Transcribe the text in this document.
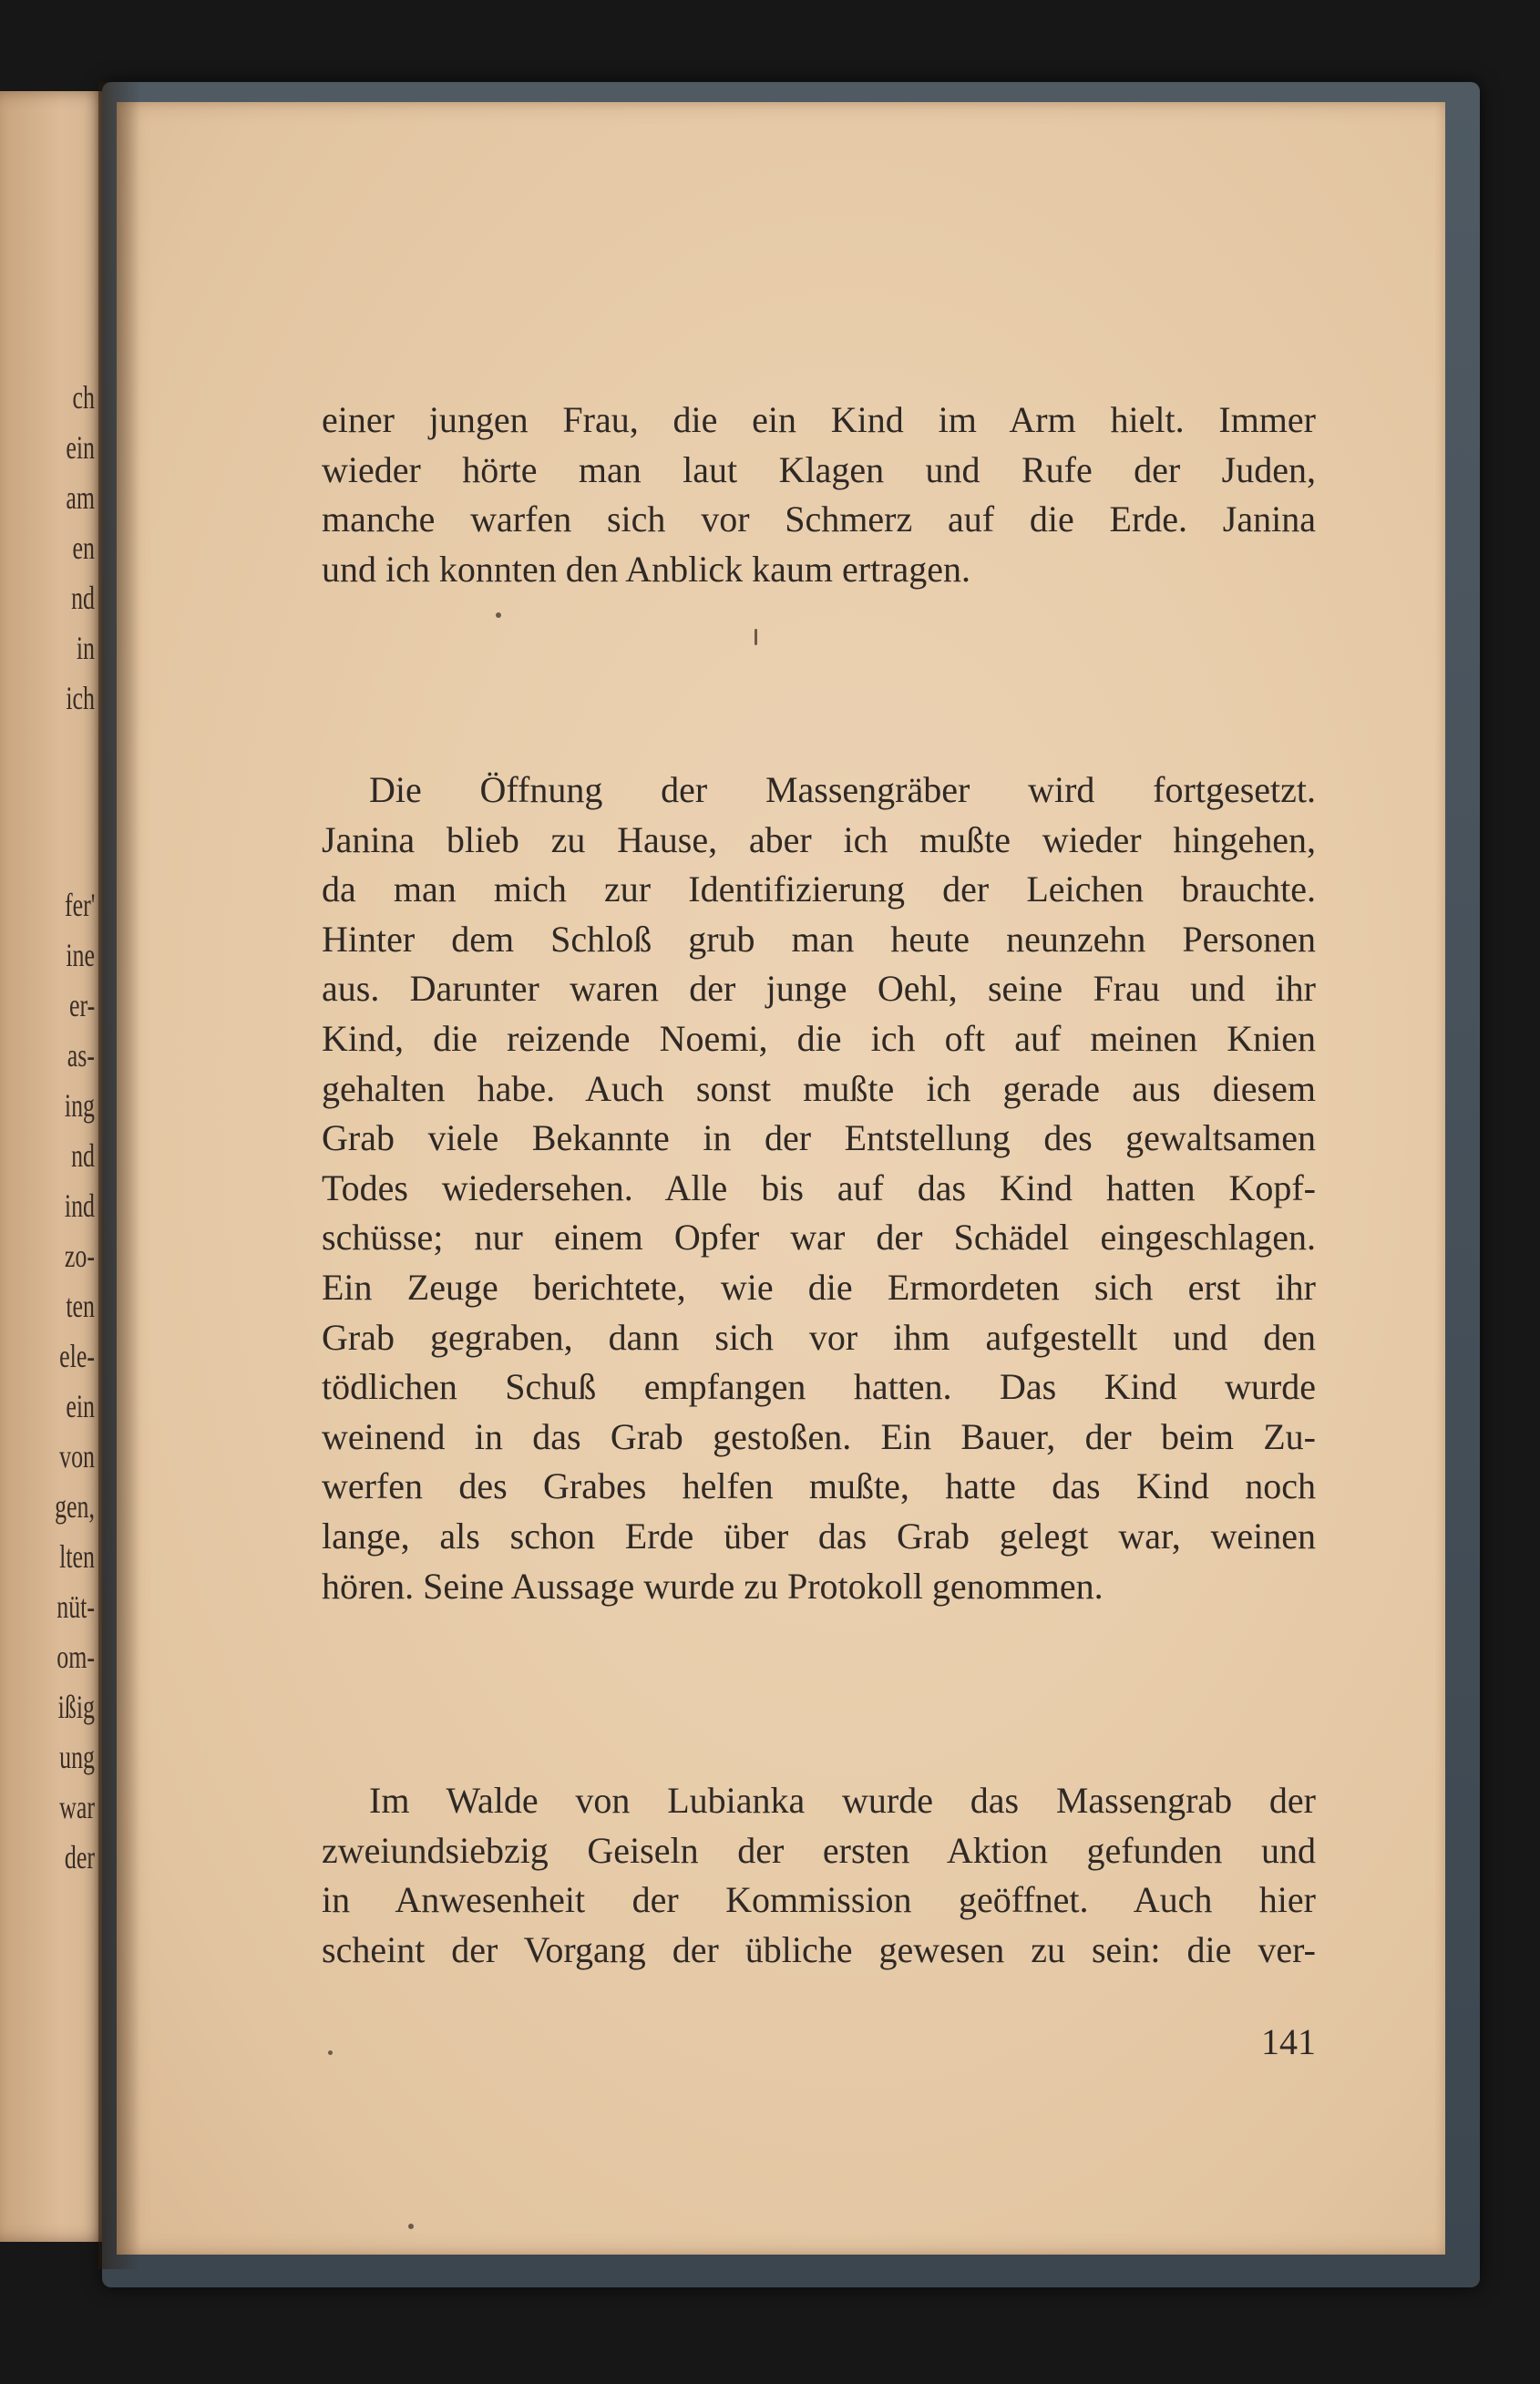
ch
ein
am
en
nd
in
ich
fer'
ine
er-
as-
ing
nd
ind
zo-
ten
ele-
ein
von
gen,
lten
nüt-
om-
ißig
ung
war
der
einer jungen Frau, die ein Kind im Arm hielt. Immer
wieder hörte man laut Klagen und Rufe der Juden,
manche warfen sich vor Schmerz auf die Erde. Janina
und ich konnten den Anblick kaum ertragen.
Die Öffnung der Massengräber wird fortgesetzt.
Janina blieb zu Hause, aber ich mußte wieder hingehen,
da man mich zur Identifizierung der Leichen brauchte.
Hinter dem Schloß grub man heute neunzehn Personen
aus. Darunter waren der junge Oehl, seine Frau und ihr
Kind, die reizende Noemi, die ich oft auf meinen Knien
gehalten habe. Auch sonst mußte ich gerade aus diesem
Grab viele Bekannte in der Entstellung des gewaltsamen
Todes wiedersehen. Alle bis auf das Kind hatten Kopf-
schüsse; nur einem Opfer war der Schädel eingeschlagen.
Ein Zeuge berichtete, wie die Ermordeten sich erst ihr
Grab gegraben, dann sich vor ihm aufgestellt und den
tödlichen Schuß empfangen hatten. Das Kind wurde
weinend in das Grab gestoßen. Ein Bauer, der beim Zu-
werfen des Grabes helfen mußte, hatte das Kind noch
lange, als schon Erde über das Grab gelegt war, weinen
hören. Seine Aussage wurde zu Protokoll genommen.
Im Walde von Lubianka wurde das Massengrab der
zweiundsiebzig Geiseln der ersten Aktion gefunden und
in Anwesenheit der Kommission geöffnet. Auch hier
scheint der Vorgang der übliche gewesen zu sein: die ver-
141
